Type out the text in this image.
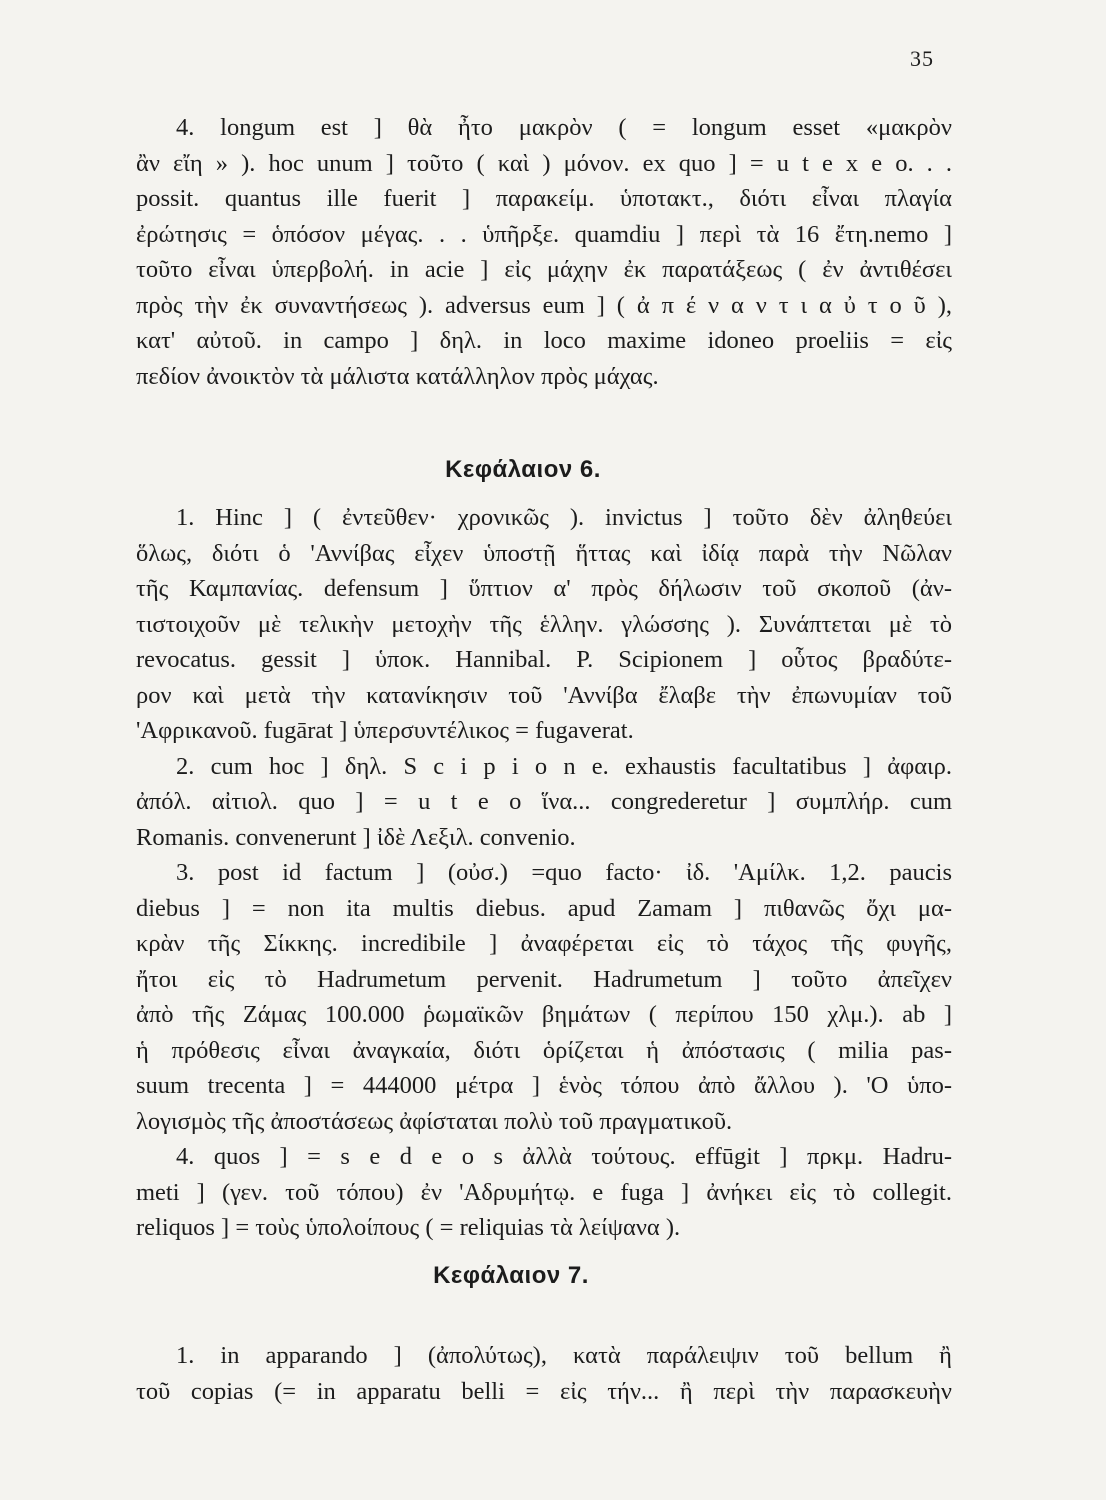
35

4. longum est ] θὰ ἦτο μακρὸν ( = longum esset «μακρὸν
ἂν εἴη » ). hoc unum ] τοῦτο ( καὶ ) μόνον. ex quo ] = u t e x e o. . .
possit. quantus ille fuerit ] παρακείμ. ὑποτακτ., διότι εἶναι πλαγία
ἐρώτησις = ὁπόσον μέγας. . . ὑπῆρξε. quamdiu ] περὶ τὰ 16 ἔτη.nemo ]
τοῦτο εἶναι ὑπερβολή. in acie ] εἰς μάχην ἐκ παρατάξεως ( ἐν ἀντιθέσει
πρὸς τὴν ἐκ συναντήσεως ). adversus eum ] ( ἀ π έ ν α ν τ ι α ὐ τ ο ῦ ),
κατ' αὐτοῦ. in campo ] δηλ. in loco maxime idoneo proeliis = εἰς
πεδίον ἀνοικτὸν τὰ μάλιστα κατάλληλον πρὸς μάχας.

Κεφάλαιον 6.

1. Hinc ] ( ἐντεῦθεν· χρονικῶς ). invictus ] τοῦτο δὲν ἀληθεύει
ὅλως, διότι ὁ 'Αννίβας εἶχεν ὑποστῇ ἥττας καὶ ἰδίᾳ παρὰ τὴν Νῶλαν
τῆς Καμπανίας. defensum ] ὕπτιον α' πρὸς δήλωσιν τοῦ σκοποῦ (ἀν-
τιστοιχοῦν μὲ τελικὴν μετοχὴν τῆς ἑλλην. γλώσσης ). Συνάπτεται μὲ τὸ
revocatus. gessit ] ὑποκ. Hannibal. P. Scipionem ] οὗτος βραδύτε-
ρον καὶ μετὰ τὴν κατανίκησιν τοῦ 'Αννίβα ἔλαβε τὴν ἐπωνυμίαν τοῦ
'Αφρικανοῦ. fugārat ] ὑπερσυντέλικος = fugaverat.

2. cum hoc ] δηλ. S c i p i o n e. exhaustis facultatibus ] ἀφαιρ.
ἀπόλ. αἰτιολ. quo ] = u t e o ἵνα... congrederetur ] συμπλήρ. cum
Romanis. convenerunt ] ἰδὲ Λεξιλ. convenio.

3. post id factum ] (οὐσ.) =quo facto· ἰδ. 'Αμίλκ. 1,2. paucis
diebus ] = non ita multis diebus. apud Zamam ] πιθανῶς ὄχι μα-
κρὰν τῆς Σίκκης. incredibile ] ἀναφέρεται εἰς τὸ τάχος τῆς φυγῆς,
ἤτοι εἰς τὸ Hadrumetum pervenit. Hadrumetum ] τοῦτο ἀπεῖχεν
ἀπὸ τῆς Ζάμας 100.000 ῥωμαϊκῶν βημάτων ( περίπου 150 χλμ.). ab ]
ἡ πρόθεσις εἶναι ἀναγκαία, διότι ὁρίζεται ἡ ἀπόστασις ( milia pas-
suum trecenta ] = 444000 μέτρα ] ἑνὸς τόπου ἀπὸ ἄλλου ). 'Ο ὑπο-
λογισμὸς τῆς ἀποστάσεως ἀφίσταται πολὺ τοῦ πραγματικοῦ.

4. quos ] = s e d e o s ἀλλὰ τούτους. effūgit ] πρκμ. Hadru-
meti ] (γεν. τοῦ τόπου) ἐν 'Αδρυμήτῳ. e fuga ] ἀνήκει εἰς τὸ collegit.
reliquos ] = τοὺς ὑπολοίπους ( = reliquias τὰ λείψανα ).

Κεφάλαιον 7.

1. in apparando ] (ἀπολύτως), κατὰ παράλειψιν τοῦ bellum ἢ
τοῦ copias (= in apparatu belli = εἰς τήν... ἢ περὶ τὴν παρασκευὴν
